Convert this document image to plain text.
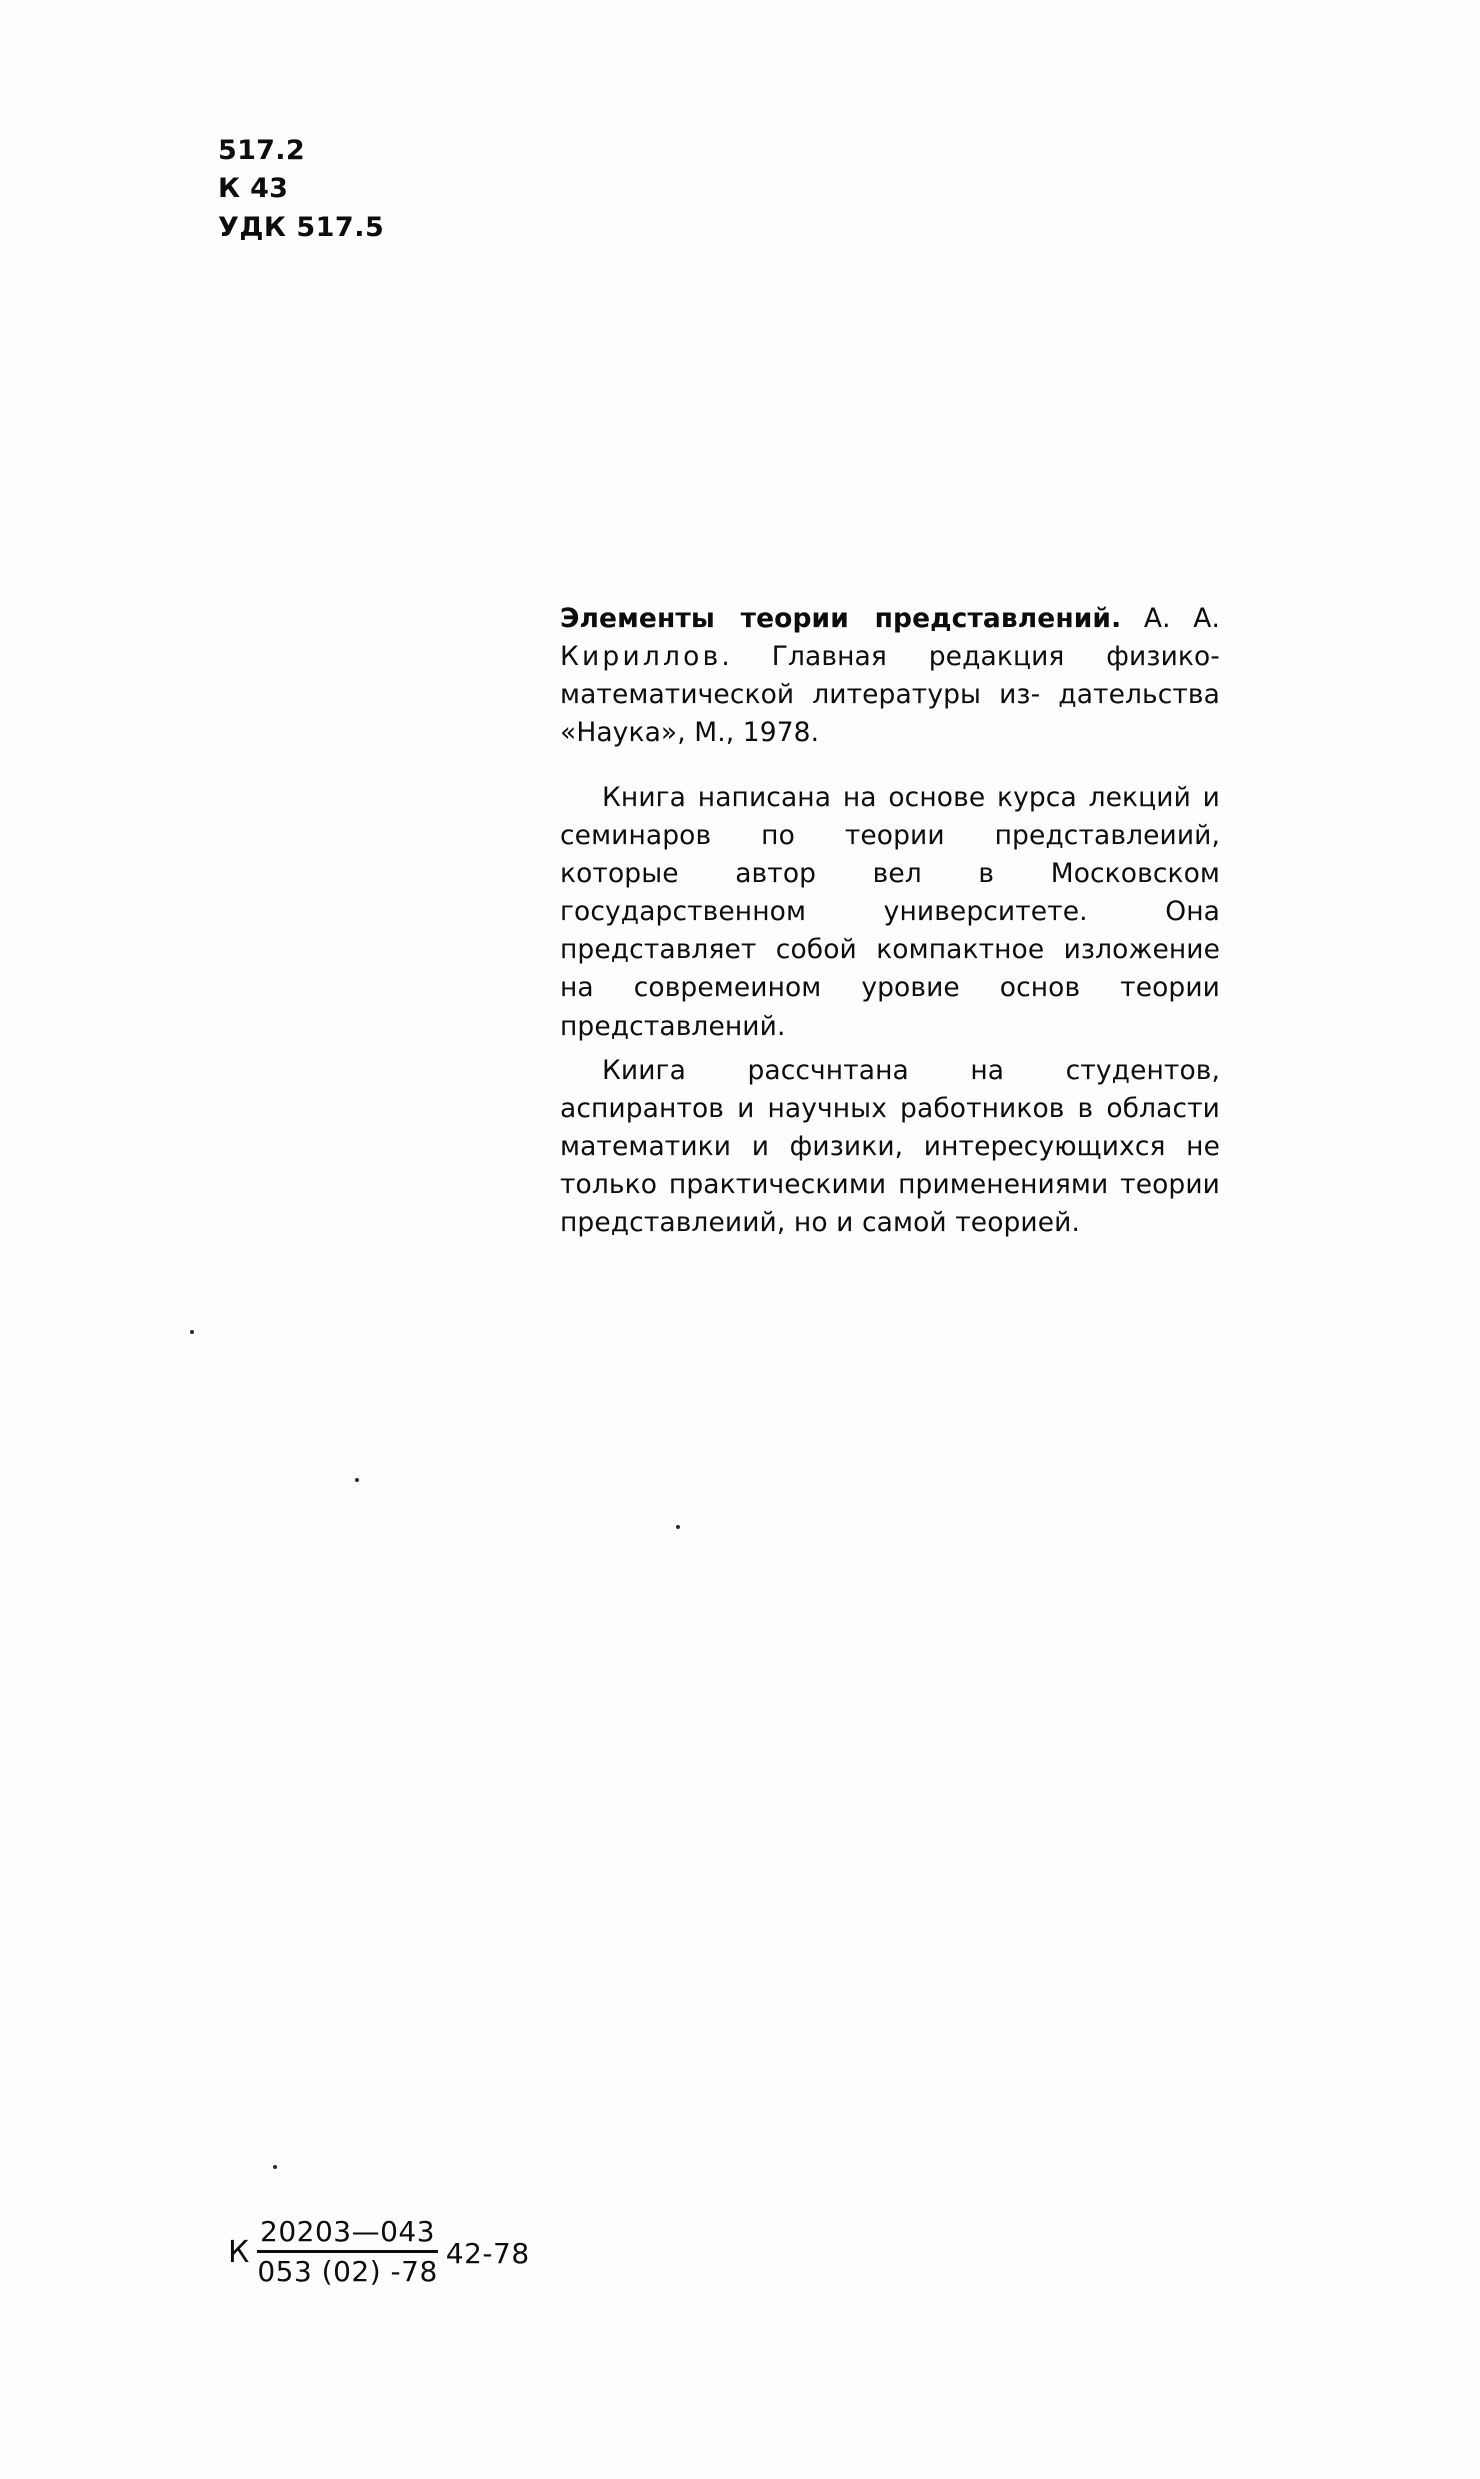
517.2
К 43
УДК 517.5

Элементы теории представлений. А. А. Кириллов. Главная редакция физико-математической литературы из- дательства «Наука», М., 1978.

Книга написана на основе курса лекций и семинаров по теории представлеиий, которые автор вел в Московском государственном университете. Она представляет собой компактное изложение на совремеином уровие основ теории представлений.

Киига рассчнтана на студентов, аспирантов и научных работников в области математики и физики, интересующихся не только практическими применениями теории представлеиий, но и самой теорией.

К $\frac{20203—043}{053 (02) -78} 42-78$
